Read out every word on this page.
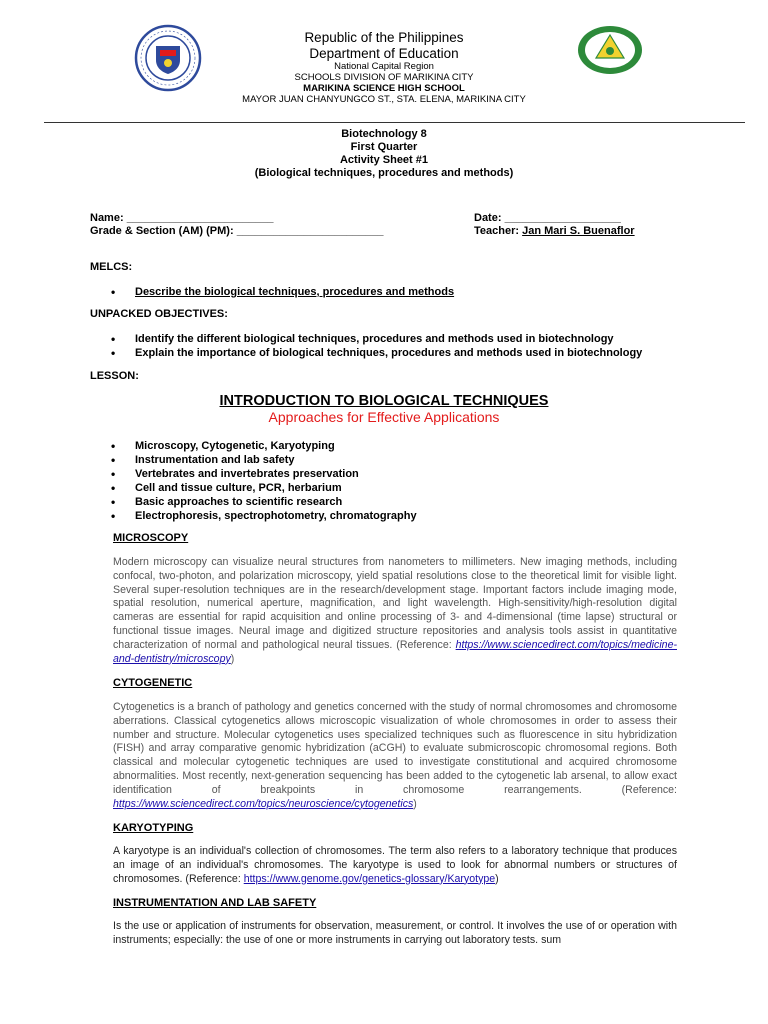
Republic of the Philippines
Department of Education
National Capital Region
SCHOOLS DIVISION OF MARIKINA CITY
MARIKINA SCIENCE HIGH SCHOOL
MAYOR JUAN CHANYUNGCO ST., STA. ELENA, MARIKINA CITY
Biotechnology 8
First Quarter
Activity Sheet #1
(Biological techniques, procedures and methods)
Name: ________________________	Date: ___________________
Grade & Section (AM) (PM): ________________________	Teacher: Jan Mari S. Buenaflor
MELCS:
• Describe the biological techniques, procedures and methods
UNPACKED OBJECTIVES:
• Identify the different biological techniques, procedures and methods used in biotechnology
• Explain the importance of biological techniques, procedures and methods used in biotechnology
LESSON:
INTRODUCTION TO BIOLOGICAL TECHNIQUES
Approaches for Effective Applications
• Microscopy, Cytogenetic, Karyotyping
• Instrumentation and lab safety
• Vertebrates and invertebrates preservation
• Cell and tissue culture, PCR, herbarium
• Basic approaches to scientific research
• Electrophoresis, spectrophotometry, chromatography
MICROSCOPY
Modern microscopy can visualize neural structures from nanometers to millimeters. New imaging methods, including confocal, two-photon, and polarization microscopy, yield spatial resolutions close to the theoretical limit for visible light. Several super-resolution techniques are in the research/development stage. Important factors include imaging mode, spatial resolution, numerical aperture, magnification, and light wavelength. High-sensitivity/high-resolution digital cameras are essential for rapid acquisition and online processing of 3- and 4-dimensional (time lapse) structural or functional tissue images. Neural image and digitized structure repositories and analysis tools assist in quantitative characterization of normal and pathological neural tissues. (Reference: https://www.sciencedirect.com/topics/medicine-and-dentistry/microscopy)
CYTOGENETIC
Cytogenetics is a branch of pathology and genetics concerned with the study of normal chromosomes and chromosome aberrations. Classical cytogenetics allows microscopic visualization of whole chromosomes in order to assess their number and structure. Molecular cytogenetics uses specialized techniques such as fluorescence in situ hybridization (FISH) and array comparative genomic hybridization (aCGH) to evaluate submicroscopic chromosomal regions. Both classical and molecular cytogenetic techniques are used to investigate constitutional and acquired chromosome abnormalities. Most recently, next-generation sequencing has been added to the cytogenetic lab arsenal, to allow exact identification of breakpoints in chromosome rearrangements. (Reference: https://www.sciencedirect.com/topics/neuroscience/cytogenetics)
KARYOTYPING
A karyotype is an individual's collection of chromosomes. The term also refers to a laboratory technique that produces an image of an individual's chromosomes. The karyotype is used to look for abnormal numbers or structures of chromosomes. (Reference: https://www.genome.gov/genetics-glossary/Karyotype)
INSTRUMENTATION AND LAB SAFETY
Is the use or application of instruments for observation, measurement, or control. It involves the use of or operation with instruments; especially: the use of one or more instruments in carrying out laboratory tests. sum
